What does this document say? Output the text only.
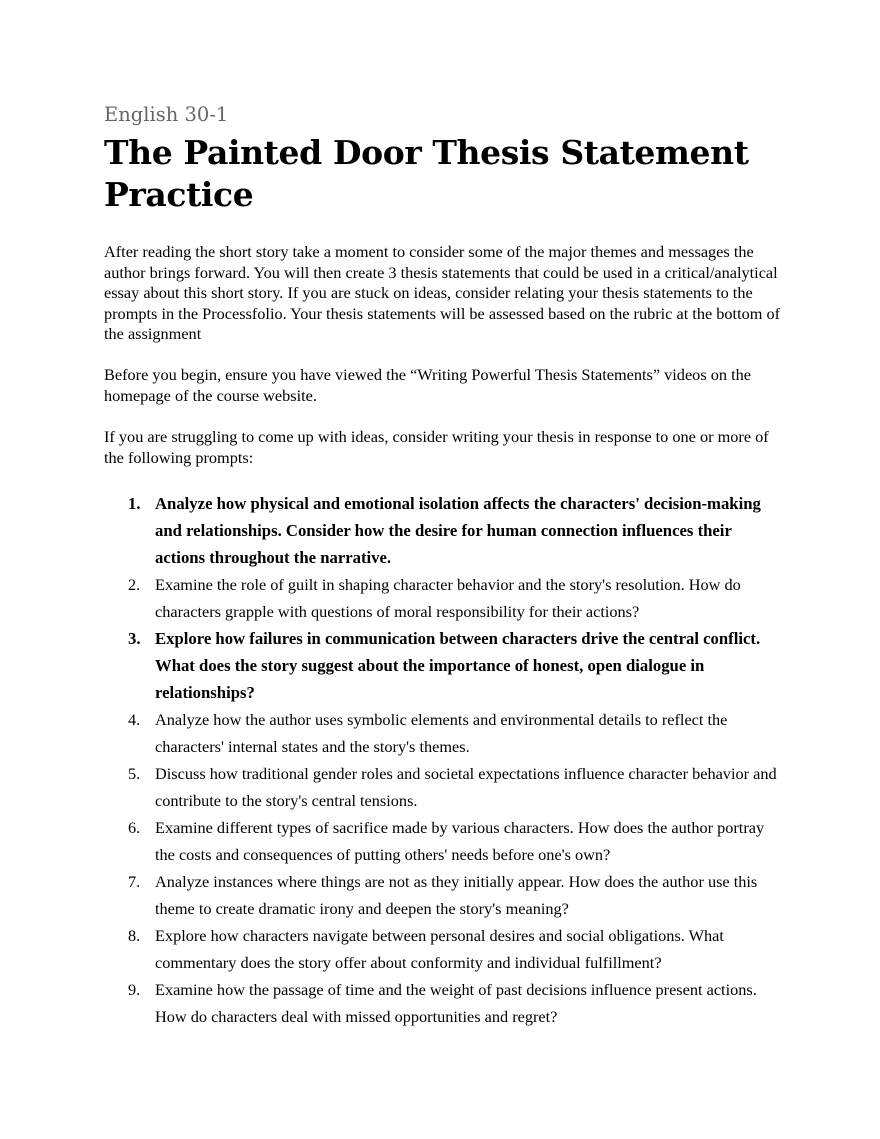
English 30-1

The Painted Door Thesis Statement Practice

After reading the short story take a moment to consider some of the major themes and messages the author brings forward. You will then create 3 thesis statements that could be used in a critical/analytical essay about this short story. If you are stuck on ideas, consider relating your thesis statements to the prompts in the Processfolio. Your thesis statements will be assessed based on the rubric at the bottom of the assignment

Before you begin, ensure you have viewed the “Writing Powerful Thesis Statements” videos on the homepage of the course website.

If you are struggling to come up with ideas, consider writing your thesis in response to one or more of the following prompts:

1. Analyze how physical and emotional isolation affects the characters' decision-making and relationships. Consider how the desire for human connection influences their actions throughout the narrative.
2. Examine the role of guilt in shaping character behavior and the story's resolution. How do characters grapple with questions of moral responsibility for their actions?
3. Explore how failures in communication between characters drive the central conflict. What does the story suggest about the importance of honest, open dialogue in relationships?
4. Analyze how the author uses symbolic elements and environmental details to reflect the characters' internal states and the story's themes.
5. Discuss how traditional gender roles and societal expectations influence character behavior and contribute to the story's central tensions.
6. Examine different types of sacrifice made by various characters. How does the author portray the costs and consequences of putting others' needs before one's own?
7. Analyze instances where things are not as they initially appear. How does the author use this theme to create dramatic irony and deepen the story's meaning?
8. Explore how characters navigate between personal desires and social obligations. What commentary does the story offer about conformity and individual fulfillment?
9. Examine how the passage of time and the weight of past decisions influence present actions. How do characters deal with missed opportunities and regret?
